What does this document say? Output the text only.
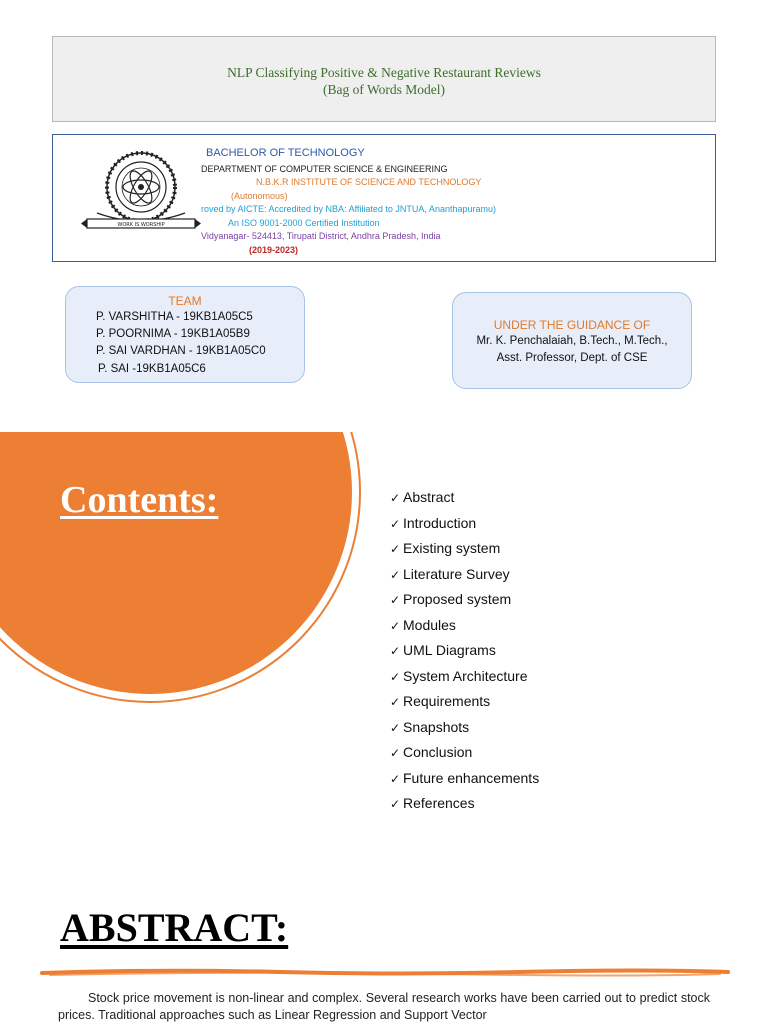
NLP Classifying Positive & Negative Restaurant Reviews
(Bag of Words Model)
WORK IS WORSHIP
BACHELOR OF TECHNOLOGY
DEPARTMENT OF COMPUTER SCIENCE & ENGINEERING
N.B.K.R INSTITUTE OF SCIENCE AND TECHNOLOGY
(Autonomous)
roved by AICTE: Accredited by NBA: Affiliated to JNTUA, Ananthapuramu)
An ISO 9001-2000 Certified Institution
Vidyanagar- 524413, Tirupati District, Andhra Pradesh, India
(2019-2023)
TEAM
P. VARSHITHA - 19KB1A05C5
P. POORNIMA - 19KB1A05B9
P. SAI VARDHAN - 19KB1A05C0
P. SAI -19KB1A05C6
UNDER THE GUIDANCE OF
Mr. K. Penchalaiah, B.Tech., M.Tech.,
Asst. Professor, Dept. of CSE
Contents:	✓ Abstract
✓ Introduction
✓ Existing system
✓ Literature Survey
✓ Proposed system
✓ Modules
✓ UML Diagrams
✓ System Architecture
✓ Requirements
✓ Snapshots
✓ Conclusion
✓ Future enhancements
✓ References
ABSTRACT:
Stock price movement is non-linear and complex. Several research works have been carried out to predict stock prices. Traditional approaches such as Linear Regression and Support Vector
